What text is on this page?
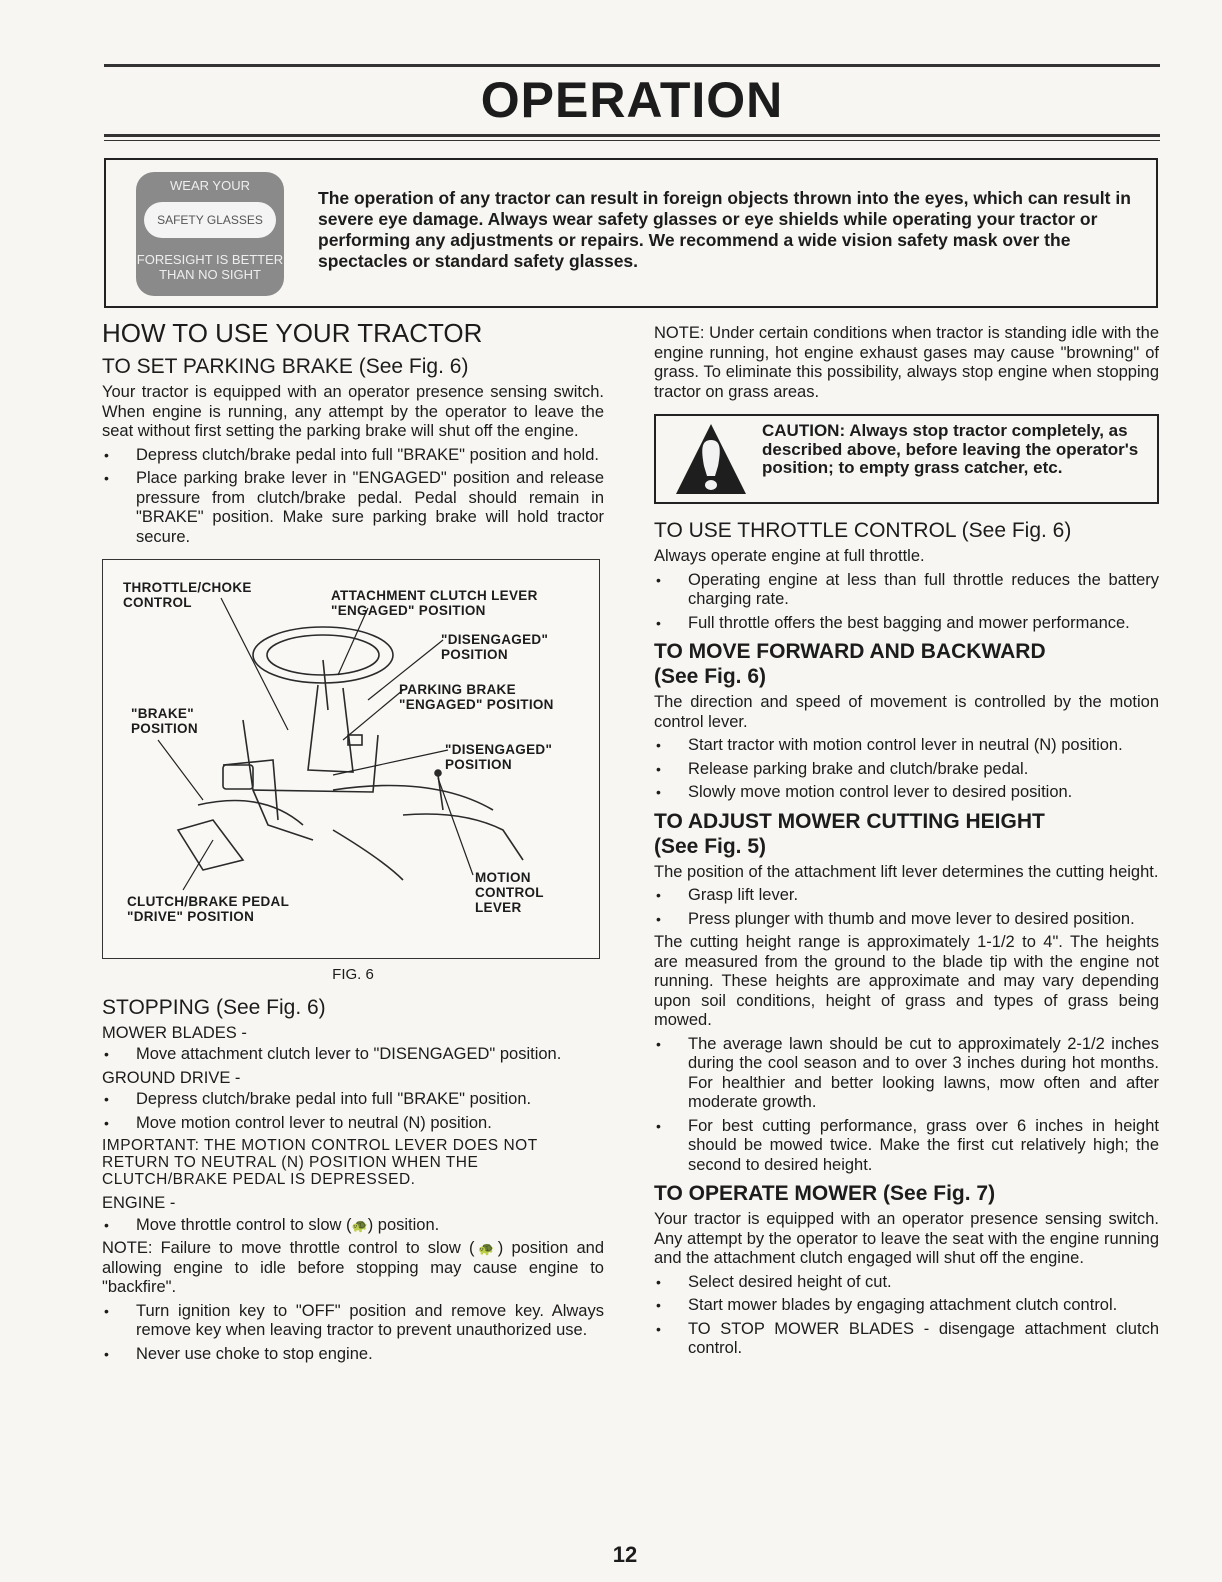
OPERATION
WEAR YOUR
SAFETY GLASSES
FORESIGHT IS BETTER
THAN NO SIGHT
The operation of any tractor can result in foreign objects thrown into the eyes, which can result in severe eye damage. Always wear safety glasses or eye shields while operating your tractor or performing any adjustments or repairs. We recommend a wide vision safety mask over the spectacles or standard safety glasses.
HOW TO USE YOUR TRACTOR
TO SET PARKING BRAKE (See Fig. 6)

Your tractor is equipped with an operator presence sensing switch. When engine is running, any attempt by the operator to leave the seat without first setting the parking brake will shut off the engine.

• Depress clutch/brake pedal into full "BRAKE" position and hold.
• Place parking brake lever in "ENGAGED" position and release pressure from clutch/brake pedal. Pedal should remain in "BRAKE" position. Make sure parking brake will hold tractor secure.
THROTTLE/CHOKE
CONTROL	ATTACHMENT CLUTCH LEVER
"ENGAGED" POSITION
"DISENGAGED"
POSITION
PARKING BRAKE
"ENGAGED" POSITION
"BRAKE"
POSITION
"DISENGAGED"
POSITION
MOTION
CONTROL
LEVER
CLUTCH/BRAKE PEDAL
"DRIVE" POSITION
FIG. 6
STOPPING (See Fig. 6)
MOWER BLADES -
• Move attachment clutch lever to "DISENGAGED" position.
GROUND DRIVE -
• Depress clutch/brake pedal into full "BRAKE" position.
• Move motion control lever to neutral (N) position.

IMPORTANT: THE MOTION CONTROL LEVER DOES NOT RETURN TO NEUTRAL (N) POSITION WHEN THE CLUTCH/BRAKE PEDAL IS DEPRESSED.

ENGINE -
• Move throttle control to slow (🐢) position.

NOTE: Failure to move throttle control to slow (🐢) position and allowing engine to idle before stopping may cause engine to "backfire".

• Turn ignition key to "OFF" position and remove key. Always remove key when leaving tractor to prevent unauthorized use.
• Never use choke to stop engine.

NOTE: Under certain conditions when tractor is standing idle with the engine running, hot engine exhaust gases may cause "browning" of grass. To eliminate this possibility, always stop engine when stopping tractor on grass areas.

CAUTION: Always stop tractor completely, as described above, before leaving the operator's position; to empty grass catcher, etc.
TO USE THROTTLE CONTROL (See Fig. 6)

Always operate engine at full throttle.

• Operating engine at less than full throttle reduces the battery charging rate.
• Full throttle offers the best bagging and mower performance.
TO MOVE FORWARD AND BACKWARD
(See Fig. 6)

The direction and speed of movement is controlled by the motion control lever.

• Start tractor with motion control lever in neutral (N) position.
• Release parking brake and clutch/brake pedal.
• Slowly move motion control lever to desired position.
TO ADJUST MOWER CUTTING HEIGHT
(See Fig. 5)

The position of the attachment lift lever determines the cutting height.

• Grasp lift lever.
• Press plunger with thumb and move lever to desired position.

The cutting height range is approximately 1-1/2 to 4". The heights are measured from the ground to the blade tip with the engine not running. These heights are approximate and may vary depending upon soil conditions, height of grass and types of grass being mowed.

• The average lawn should be cut to approximately 2-1/2 inches during the cool season and to over 3 inches during hot months. For healthier and better looking lawns, mow often and after moderate growth.
• For best cutting performance, grass over 6 inches in height should be mowed twice. Make the first cut relatively high; the second to desired height.
TO OPERATE MOWER (See Fig. 7)

Your tractor is equipped with an operator presence sensing switch. Any attempt by the operator to leave the seat with the engine running and the attachment clutch engaged will shut off the engine.

• Select desired height of cut.
• Start mower blades by engaging attachment clutch control.
• TO STOP MOWER BLADES - disengage attachment clutch control.
12
